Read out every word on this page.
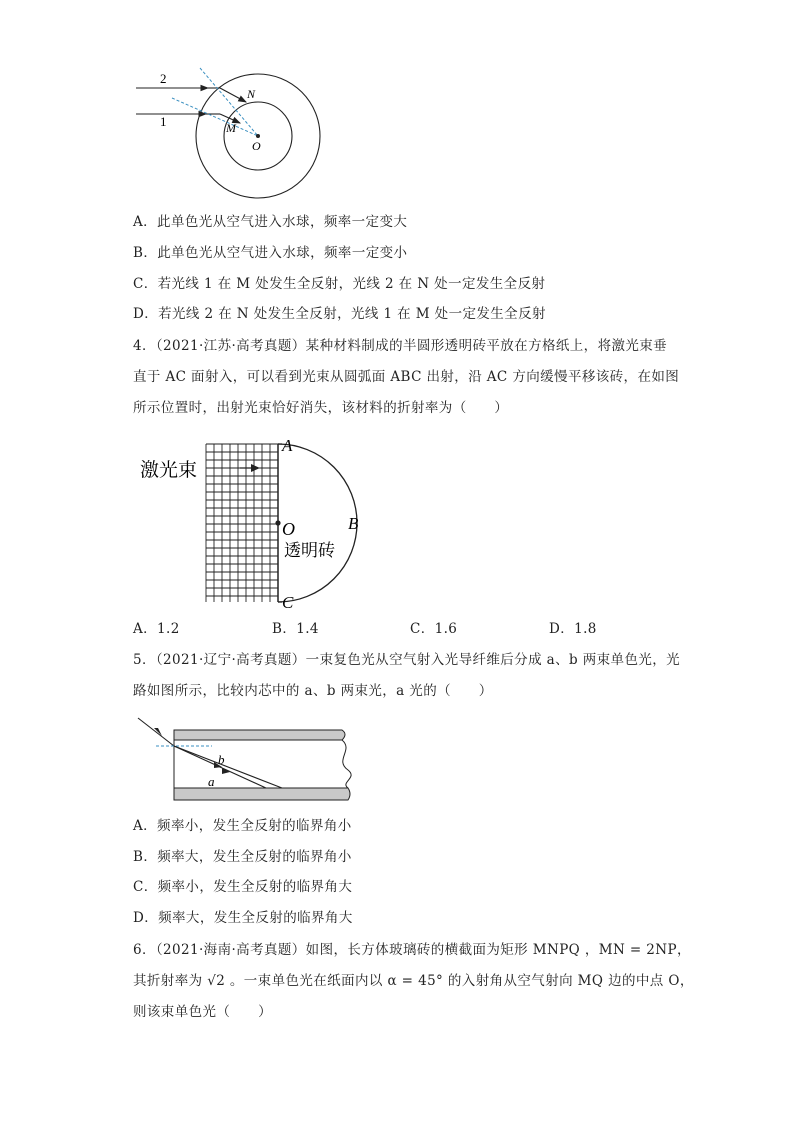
2
1
N
M
O
A．此单色光从空气进入水球，频率一定变大
B．此单色光从空气进入水球，频率一定变小
C．若光线 1 在 M 处发生全反射，光线 2 在 N 处一定发生全反射
D．若光线 2 在 N 处发生全反射，光线 1 在 M 处一定发生全反射
4．（2021·江苏·高考真题）某种材料制成的半圆形透明砖平放在方格纸上，将激光束垂
直于 AC 面射入，可以看到光束从圆弧面 ABC 出射，沿 AC 方向缓慢平移该砖，在如图
所示位置时，出射光束恰好消失，该材料的折射率为（　　）
激光束
透明砖
A
B
C
O
A．1.2	B．1.4	C．1.6	D．1.8
5．（2021·辽宁·高考真题）一束复色光从空气射入光导纤维后分成 a、b 两束单色光，光
路如图所示，比较内芯中的 a、b 两束光，a 光的（　　）
b
a
A．频率小，发生全反射的临界角小
B．频率大，发生全反射的临界角小
C．频率小，发生全反射的临界角大
D．频率大，发生全反射的临界角大
6．（2021·海南·高考真题）如图，长方体玻璃砖的横截面为矩形 MNPQ ，MN = 2NP，
其折射率为 √2 。一束单色光在纸面内以 α = 45° 的入射角从空气射向 MQ 边的中点 O，
则该束单色光（　　）
